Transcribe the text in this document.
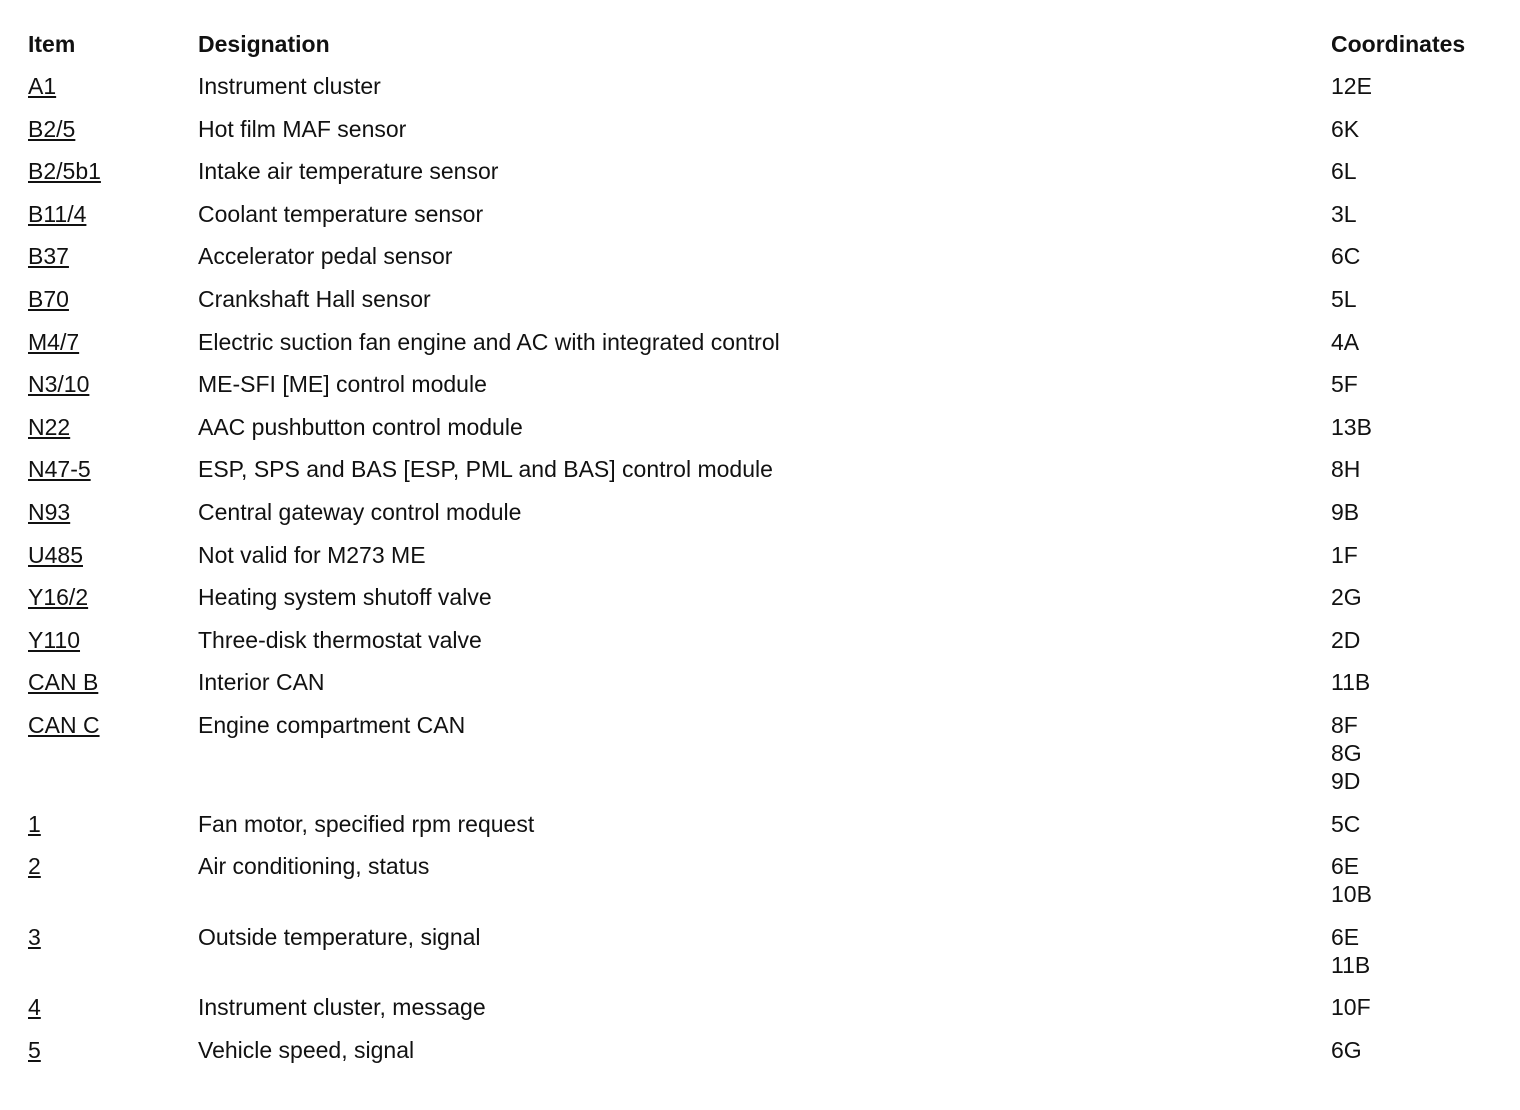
Item	Designation	Coordinates
A1	Instrument cluster	12E
B2/5	Hot film MAF sensor	6K
B2/5b1	Intake air temperature sensor	6L
B11/4	Coolant temperature sensor	3L
B37	Accelerator pedal sensor	6C
B70	Crankshaft Hall sensor	5L
M4/7	Electric suction fan engine and AC with integrated control	4A
N3/10	ME-SFI [ME] control module	5F
N22	AAC pushbutton control module	13B
N47-5	ESP, SPS and BAS [ESP, PML and BAS] control module	8H
N93	Central gateway control module	9B
U485	Not valid for M273 ME	1F
Y16/2	Heating system shutoff valve	2G
Y110	Three-disk thermostat valve	2D
CAN B	Interior CAN	11B
CAN C	Engine compartment CAN	8F
8G
9D
1	Fan motor, specified rpm request	5C
2	Air conditioning, status	6E
10B
3	Outside temperature, signal	6E
11B
4	Instrument cluster, message	10F
5	Vehicle speed, signal	6G
